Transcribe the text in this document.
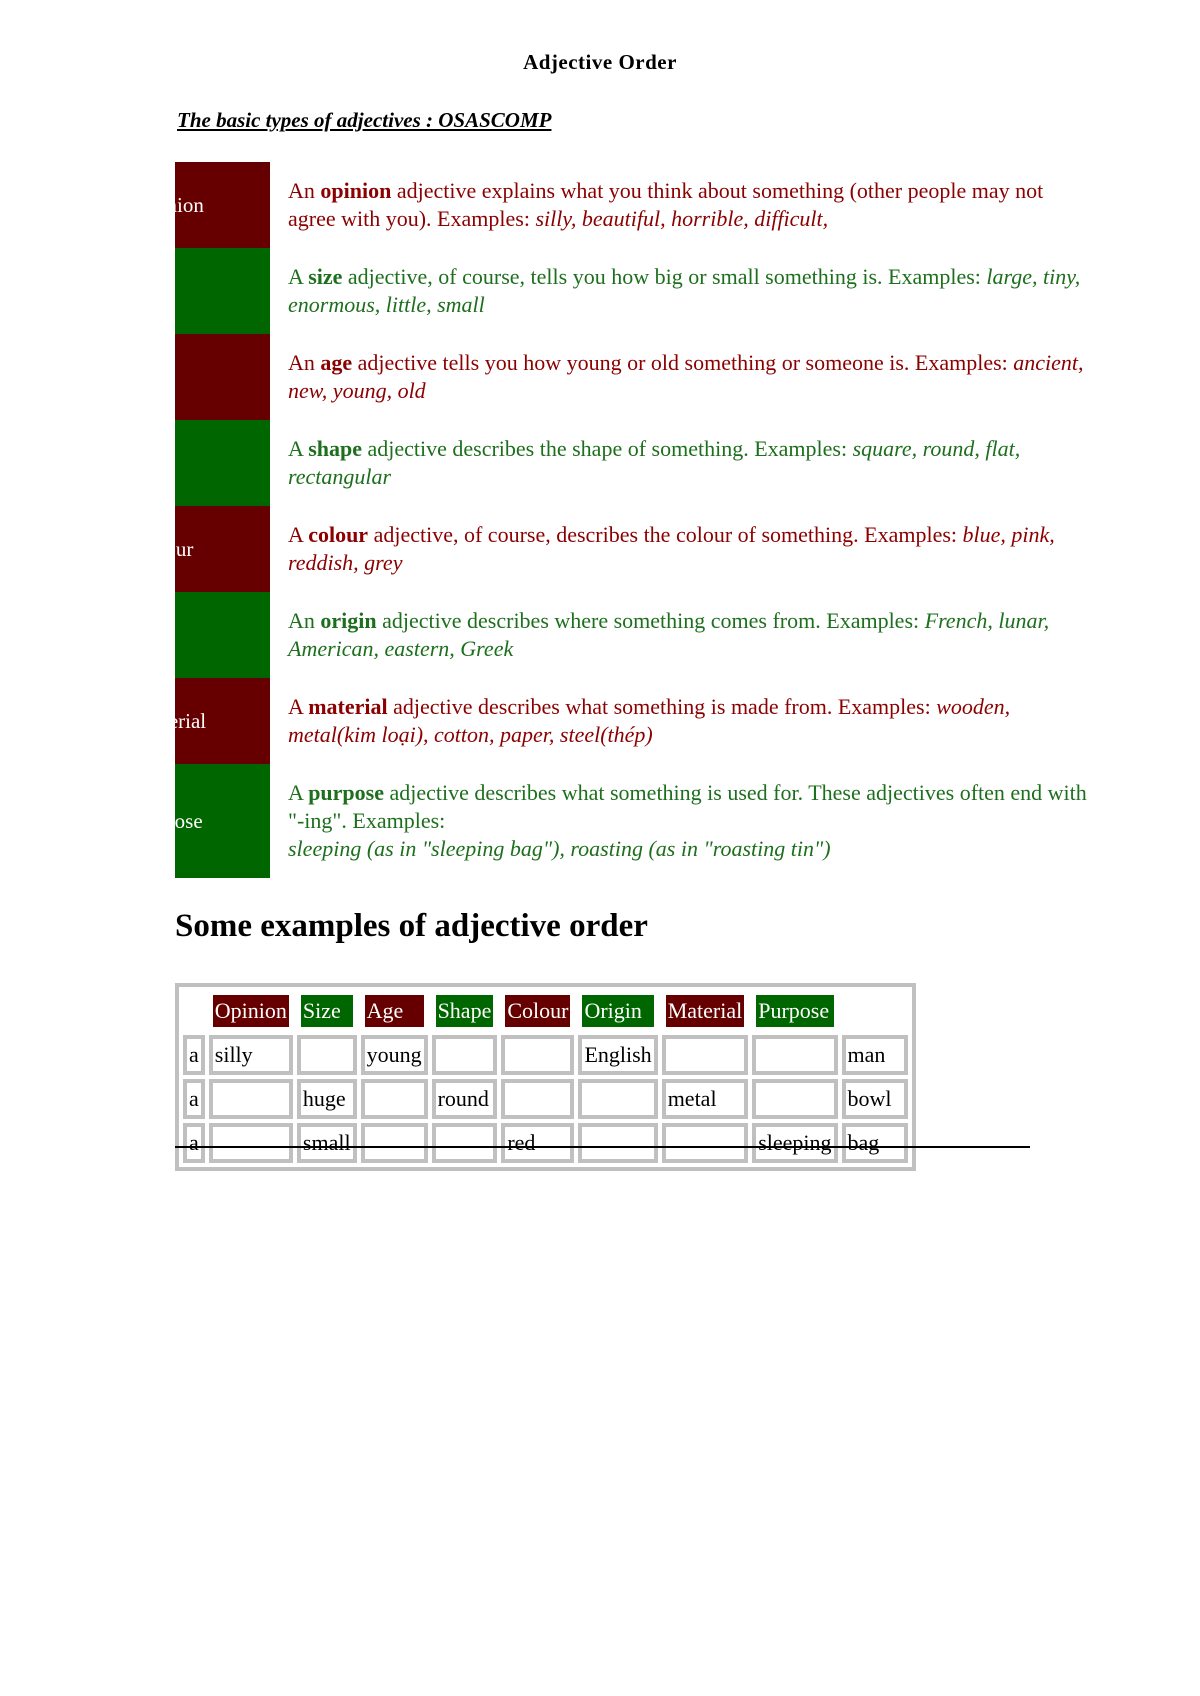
Adjective Order
The basic types of adjectives : OSASCOMP
Opinion
An opinion adjective explains what you think about something (other people may not agree with you). Examples: silly, beautiful, horrible, difficult,
A size adjective, of course, tells you how big or small something is. Examples: large, tiny, enormous, little, small
An age adjective tells you how young or old something or someone is. Examples: ancient, new, young, old
A shape adjective describes the shape of something. Examples: square, round, flat, rectangular
Colour
A colour adjective, of course, describes the colour of something. Examples: blue, pink, reddish, grey
An origin adjective describes where something comes from. Examples: French, lunar, American, eastern, Greek
Material
A material adjective describes what something is made from. Examples: wooden, metal(kim loại), cotton, paper, steel(thép)
Purpose
A purpose adjective describes what something is used for. These adjectives often end with "-ing". Examples:
sleeping (as in "sleeping bag"), roasting (as in "roasting tin")
Some examples of adjective order
	Opinion	Size	Age	Shape	Colour	Origin	Material	Purpose	
a	silly		young			English			man
a		huge		round			metal		bowl
a		small			red			sleeping	bag
